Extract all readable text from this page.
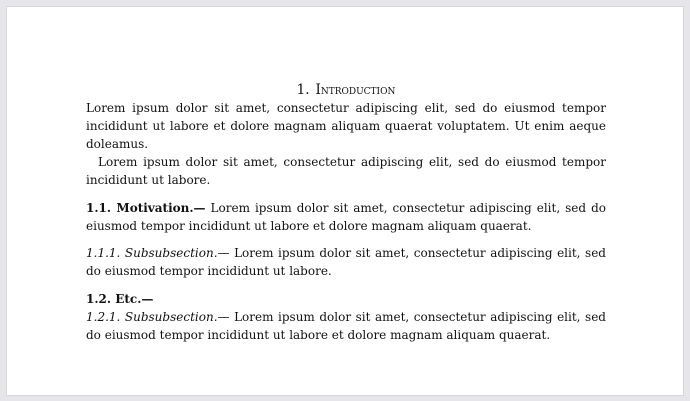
1. Introduction

Lorem ipsum dolor sit amet, consectetur adipiscing elit, sed do eiusmod tempor incididunt ut labore et dolore magnam aliquam quaerat voluptatem. Ut enim aeque doleamus.

Lorem ipsum dolor sit amet, consectetur adipiscing elit, sed do eiusmod tempor incididunt ut labore.

1.1. Motivation.— Lorem ipsum dolor sit amet, consectetur adipiscing elit, sed do eiusmod tempor incididunt ut labore et dolore magnam aliquam quaerat.

1.1.1. Subsubsection.— Lorem ipsum dolor sit amet, consectetur adipiscing elit, sed do eiusmod tempor incididunt ut labore.

1.2. Etc.—

1.2.1. Subsubsection.— Lorem ipsum dolor sit amet, consectetur adipiscing elit, sed do eiusmod tempor incididunt ut labore et dolore magnam aliquam quaerat.
